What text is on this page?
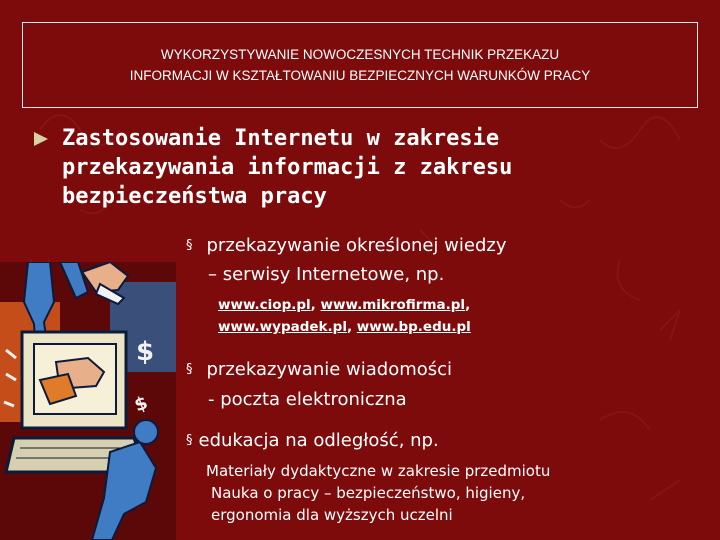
WYKORZYSTYWANIE NOWOCZESNYCH TECHNIK PRZEKAZU
INFORMACJI W KSZTAŁTOWANIU BEZPIECZNYCH WARUNKÓW PRACY
Zastosowanie Internetu w zakresie
przekazywania informacji z zakresu
bezpieczeństwa pracy
$
$
§ przekazywanie określonej wiedzy
– serwisy Internetowe, np.
www.ciop.pl, www.mikrofirma.pl,
www.wypadek.pl, www.bp.edu.pl
§ przekazywanie wiadomości
- poczta elektroniczna
§ edukacja na odległość, np.
Materiały dydaktyczne w zakresie przedmiotu
Nauka o pracy – bezpieczeństwo, higieny,
ergonomia dla wyższych uczelni
